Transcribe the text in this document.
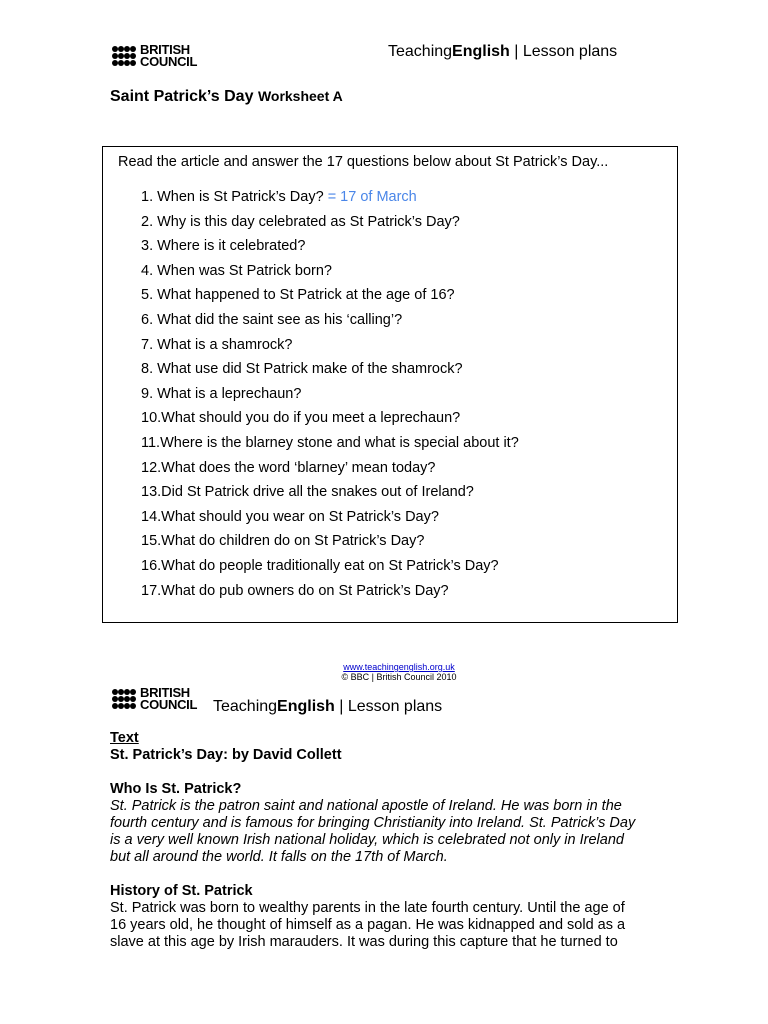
BRITISH
COUNCIL
TeachingEnglish | Lesson plans
Saint Patrick’s Day Worksheet A
Read the article and answer the 17 questions below about St Patrick’s Day...
1. When is St Patrick’s Day? = 17 of March
2. Why is this day celebrated as St Patrick’s Day?
3. Where is it celebrated?
4. When was St Patrick born?
5. What happened to St Patrick at the age of 16?
6. What did the saint see as his ‘calling’?
7. What is a shamrock?
8. What use did St Patrick make of the shamrock?
9. What is a leprechaun?
10.What should you do if you meet a leprechaun?
11.Where is the blarney stone and what is special about it?
12.What does the word ‘blarney’ mean today?
13.Did St Patrick drive all the snakes out of Ireland?
14.What should you wear on St Patrick’s Day?
15.What do children do on St Patrick’s Day?
16.What do people traditionally eat on St Patrick’s Day?
17.What do pub owners do on St Patrick’s Day?
www.teachingenglish.org.uk
© BBC | British Council 2010
BRITISH
COUNCIL TeachingEnglish | Lesson plans

Text

St. Patrick’s Day: by David Collett

Who Is St. Patrick?

St. Patrick is the patron saint and national apostle of Ireland. He was born in the

fourth century and is famous for bringing Christianity into Ireland. St. Patrick’s Day

is a very well known Irish national holiday, which is celebrated not only in Ireland

but all around the world. It falls on the 17th of March.

History of St. Patrick

St. Patrick was born to wealthy parents in the late fourth century. Until the age of

16 years old, he thought of himself as a pagan. He was kidnapped and sold as a

slave at this age by Irish marauders. It was during this capture that he turned to
